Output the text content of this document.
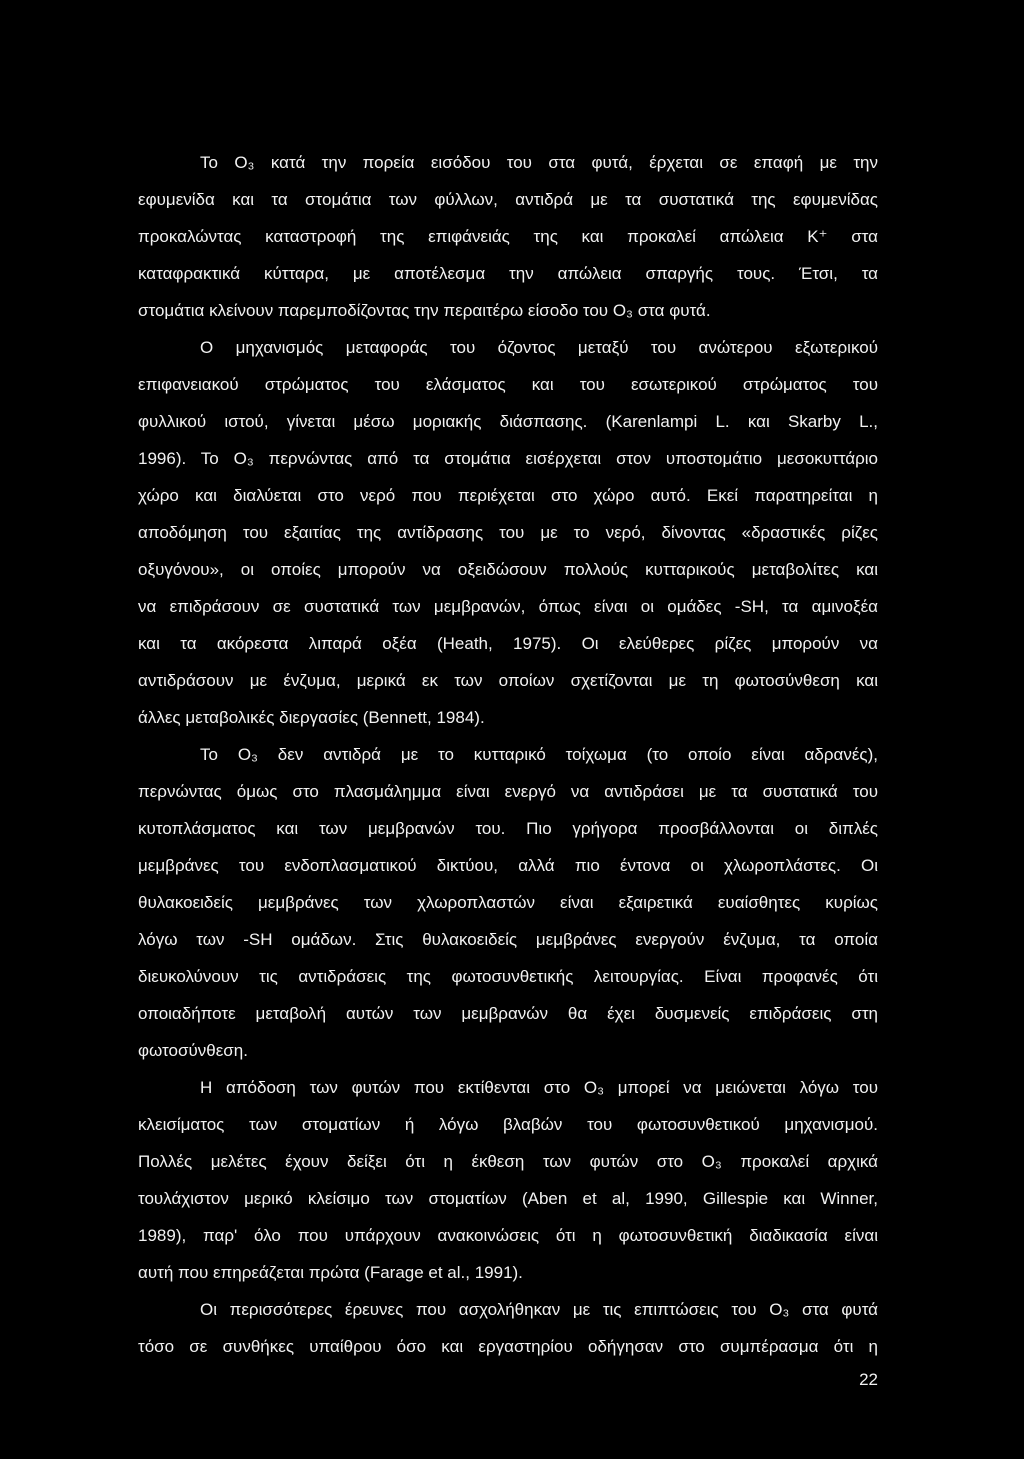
Το O₃ κατά την πορεία εισόδου του στα φυτά, έρχεται σε επαφή με την
εφυμενίδα και τα στομάτια των φύλλων, αντιδρά με τα συστατικά της εφυμενίδας
προκαλώντας καταστροφή της επιφάνειάς της και προκαλεί απώλεια K⁺ στα
καταφρακτικά κύτταρα, με αποτέλεσμα την απώλεια σπαργής τους. Έτσι, τα
στομάτια κλείνουν παρεμποδίζοντας την περαιτέρω είσοδο του O₃ στα φυτά.
Ο μηχανισμός μεταφοράς του όζοντος μεταξύ του ανώτερου εξωτερικού
επιφανειακού στρώματος του ελάσματος και του εσωτερικού στρώματος του
φυλλικού ιστού, γίνεται μέσω μοριακής διάσπασης. (Karenlampi L. και Skarby L.,
1996). Το O₃ περνώντας από τα στομάτια εισέρχεται στον υποστομάτιο μεσοκυττάριο
χώρο και διαλύεται στο νερό που περιέχεται στο χώρο αυτό. Εκεί παρατηρείται η
αποδόμηση του εξαιτίας της αντίδρασης του με το νερό, δίνοντας «δραστικές ρίζες
οξυγόνου», οι οποίες μπορούν να οξειδώσουν πολλούς κυτταρικούς μεταβολίτες και
να επιδράσουν σε συστατικά των μεμβρανών, όπως είναι οι ομάδες -SH, τα αμινοξέα
και τα ακόρεστα λιπαρά οξέα (Heath, 1975). Οι ελεύθερες ρίζες μπορούν να
αντιδράσουν με ένζυμα, μερικά εκ των οποίων σχετίζονται με τη φωτοσύνθεση και
άλλες μεταβολικές διεργασίες (Bennett, 1984).
Το O₃ δεν αντιδρά με το κυτταρικό τοίχωμα (το οποίο είναι αδρανές),
περνώντας όμως στο πλασμάλημμα είναι ενεργό να αντιδράσει με τα συστατικά του
κυτοπλάσματος και των μεμβρανών του. Πιο γρήγορα προσβάλλονται οι διπλές
μεμβράνες του ενδοπλασματικού δικτύου, αλλά πιο έντονα οι χλωροπλάστες. Οι
θυλακοειδείς μεμβράνες των χλωροπλαστών είναι εξαιρετικά ευαίσθητες κυρίως
λόγω των -SH ομάδων. Στις θυλακοειδείς μεμβράνες ενεργούν ένζυμα, τα οποία
διευκολύνουν τις αντιδράσεις της φωτοσυνθετικής λειτουργίας. Είναι προφανές ότι
οποιαδήποτε μεταβολή αυτών των μεμβρανών θα έχει δυσμενείς επιδράσεις στη
φωτοσύνθεση.
Η απόδοση των φυτών που εκτίθενται στο O₃ μπορεί να μειώνεται λόγω του
κλεισίματος των στοματίων ή λόγω βλαβών του φωτοσυνθετικού μηχανισμού.
Πολλές μελέτες έχουν δείξει ότι η έκθεση των φυτών στο O₃ προκαλεί αρχικά
τουλάχιστον μερικό κλείσιμο των στοματίων (Aben et al, 1990, Gillespie και Winner,
1989), παρ' όλο που υπάρχουν ανακοινώσεις ότι η φωτοσυνθετική διαδικασία είναι
αυτή που επηρεάζεται πρώτα (Farage et al., 1991).
Οι περισσότερες έρευνες που ασχολήθηκαν με τις επιπτώσεις του O₃ στα φυτά
τόσο σε συνθήκες υπαίθρου όσο και εργαστηρίου οδήγησαν στο συμπέρασμα ότι η
22
